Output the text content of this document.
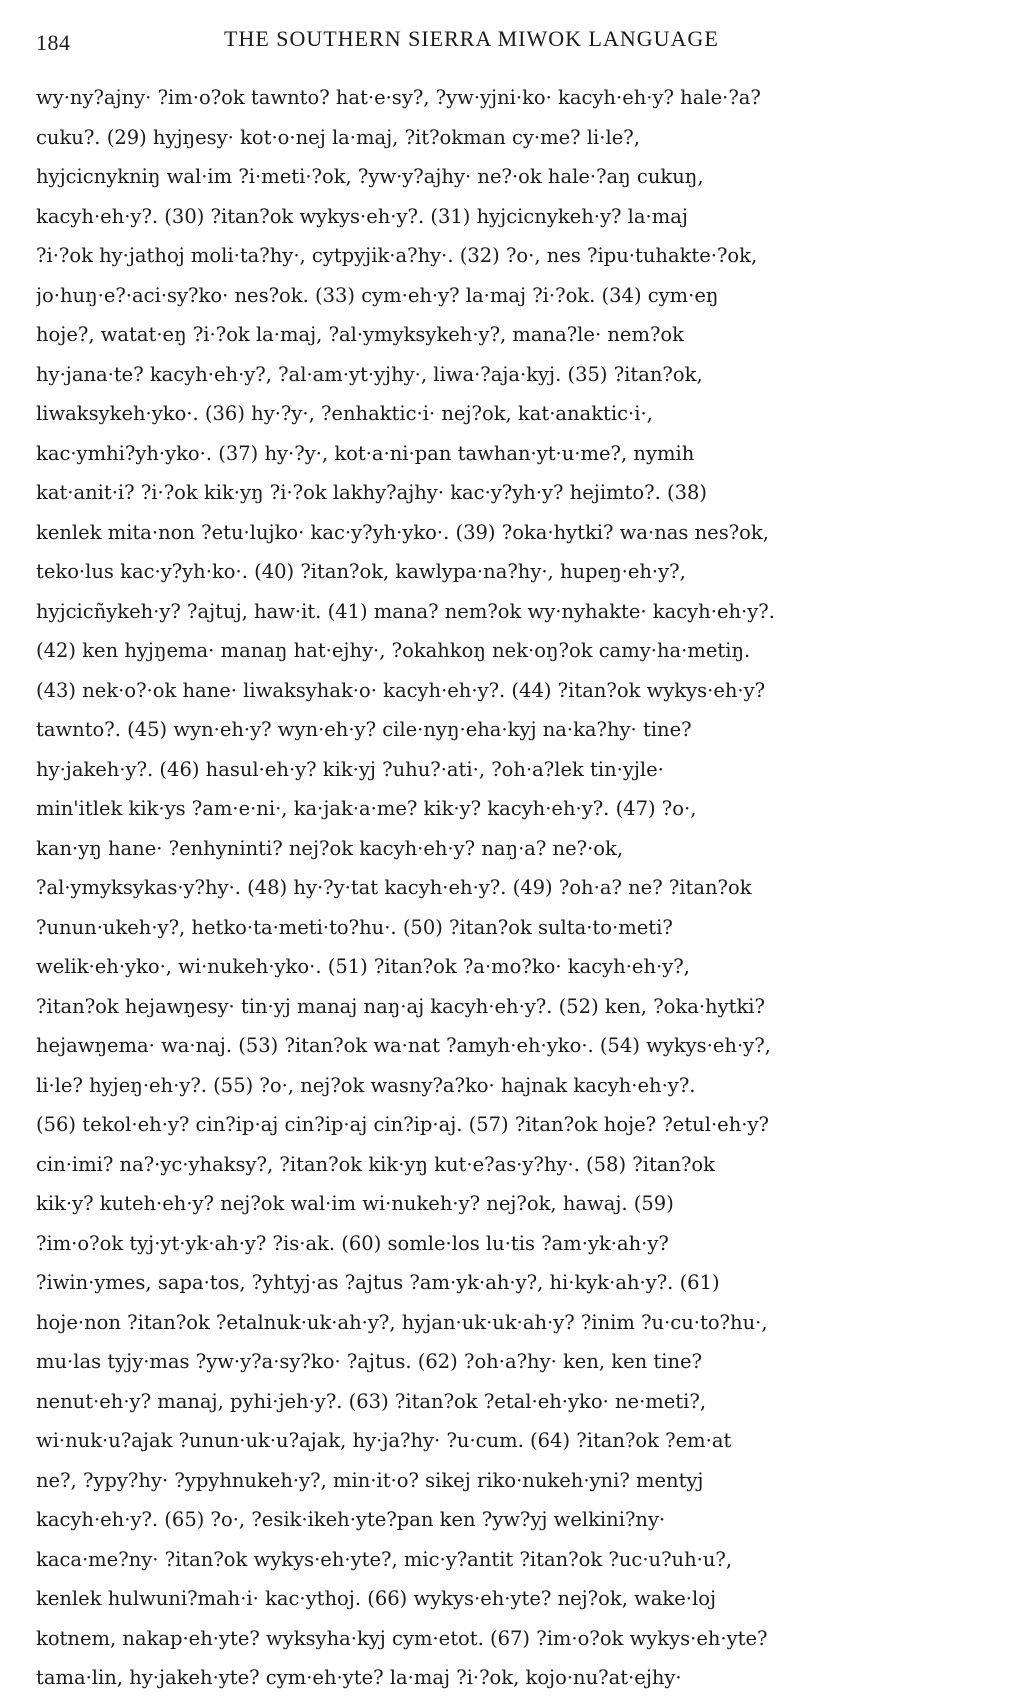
184	THE SOUTHERN SIERRA MIWOK LANGUAGE
wy·ny?ajny· ?im·o?ok tawnto? hat·e·sy?, ?yw·yjni·ko· kacyh·eh·y? hale·?a?
cuku?. (29) hyjŋesy· kot·o·nej la·maj, ?it?okman cy·me? li·le?,
hyjcicnykniŋ wal·im ?i·meti·?ok, ?yw·y?ajhy· ne?·ok hale·?aŋ cukuŋ,
kacyh·eh·y?. (30) ?itan?ok wykys·eh·y?. (31) hyjcicnykeh·y? la·maj
?i·?ok hy·jathoj moli·ta?hy·, cytpyjik·a?hy·. (32) ?o·, nes ?ipu·tuhakte·?ok,
jo·huŋ·e?·aci·sy?ko· nes?ok. (33) cym·eh·y? la·maj ?i·?ok. (34) cym·eŋ
hoje?, watat·eŋ ?i·?ok la·maj, ?al·ymyksykeh·y?, mana?le· nem?ok
hy·jana·te? kacyh·eh·y?, ?al·am·yt·yjhy·, liwa·?aja·kyj. (35) ?itan?ok,
liwaksykeh·yko·. (36) hy·?y·, ?enhaktic·i· nej?ok, kat·anaktic·i·,
kac·ymhi?yh·yko·. (37) hy·?y·, kot·a·ni·pan tawhan·yt·u·me?, nymih
kat·anit·i? ?i·?ok kik·yŋ ?i·?ok lakhy?ajhy· kac·y?yh·y? hejimto?. (38)
kenlek mita·non ?etu·lujko· kac·y?yh·yko·. (39) ?oka·hytki? wa·nas nes?ok,
teko·lus kac·y?yh·ko·. (40) ?itan?ok, kawlypa·na?hy·, hupeŋ·eh·y?,
hyjcicñykeh·y? ?ajtuj, haw·it. (41) mana? nem?ok wy·nyhakte· kacyh·eh·y?.
(42) ken hyjŋema· manaŋ hat·ejhy·, ?okahkoŋ nek·oŋ?ok camy·ha·metiŋ.
(43) nek·o?·ok hane· liwaksyhak·o· kacyh·eh·y?. (44) ?itan?ok wykys·eh·y?
tawnto?. (45) wyn·eh·y? wyn·eh·y? cile·nyŋ·eha·kyj na·ka?hy· tine?
hy·jakeh·y?. (46) hasul·eh·y? kik·yj ?uhu?·ati·, ?oh·a?lek tin·yjle·
min'itlek kik·ys ?am·e·ni·, ka·jak·a·me? kik·y? kacyh·eh·y?. (47) ?o·,
kan·yŋ hane· ?enhyninti? nej?ok kacyh·eh·y? naŋ·a? ne?·ok,
?al·ymyksykas·y?hy·. (48) hy·?y·tat kacyh·eh·y?. (49) ?oh·a? ne? ?itan?ok
?unun·ukeh·y?, hetko·ta·meti·to?hu·. (50) ?itan?ok sulta·to·meti?
welik·eh·yko·, wi·nukeh·yko·. (51) ?itan?ok ?a·mo?ko· kacyh·eh·y?,
?itan?ok hejawŋesy· tin·yj manaj naŋ·aj kacyh·eh·y?. (52) ken, ?oka·hytki?
hejawŋema· wa·naj. (53) ?itan?ok wa·nat ?amyh·eh·yko·. (54) wykys·eh·y?,
li·le? hyjeŋ·eh·y?. (55) ?o·, nej?ok wasny?a?ko· hajnak kacyh·eh·y?.
(56) tekol·eh·y? cin?ip·aj cin?ip·aj cin?ip·aj. (57) ?itan?ok hoje? ?etul·eh·y?
cin·imi? na?·yc·yhaksy?, ?itan?ok kik·yŋ kut·e?as·y?hy·. (58) ?itan?ok
kik·y? kuteh·eh·y? nej?ok wal·im wi·nukeh·y? nej?ok, hawaj. (59)
?im·o?ok tyj·yt·yk·ah·y? ?is·ak. (60) somle·los lu·tis ?am·yk·ah·y?
?iwin·ymes, sapa·tos, ?yhtyj·as ?ajtus ?am·yk·ah·y?, hi·kyk·ah·y?. (61)
hoje·non ?itan?ok ?etalnuk·uk·ah·y?, hyjan·uk·uk·ah·y? ?inim ?u·cu·to?hu·,
mu·las tyjy·mas ?yw·y?a·sy?ko· ?ajtus. (62) ?oh·a?hy· ken, ken tine?
nenut·eh·y? manaj, pyhi·jeh·y?. (63) ?itan?ok ?etal·eh·yko· ne·meti?,
wi·nuk·u?ajak ?unun·uk·u?ajak, hy·ja?hy· ?u·cum. (64) ?itan?ok ?em·at
ne?, ?ypy?hy· ?ypyhnukeh·y?, min·it·o? sikej riko·nukeh·yni? mentyj
kacyh·eh·y?. (65) ?o·, ?esik·ikeh·yte?pan ken ?yw?yj welkini?ny·
kaca·me?ny· ?itan?ok wykys·eh·yte?, mic·y?antit ?itan?ok ?uc·u?uh·u?,
kenlek hulwuni?mah·i· kac·ythoj. (66) wykys·eh·yte? nej?ok, wake·loj
kotnem, nakap·eh·yte? wyksyha·kyj cym·etot. (67) ?im·o?ok wykys·eh·yte?
tama·lin, hy·jakeh·yte? cym·eh·yte? la·maj ?i·?ok, kojo·nu?at·ejhy·
